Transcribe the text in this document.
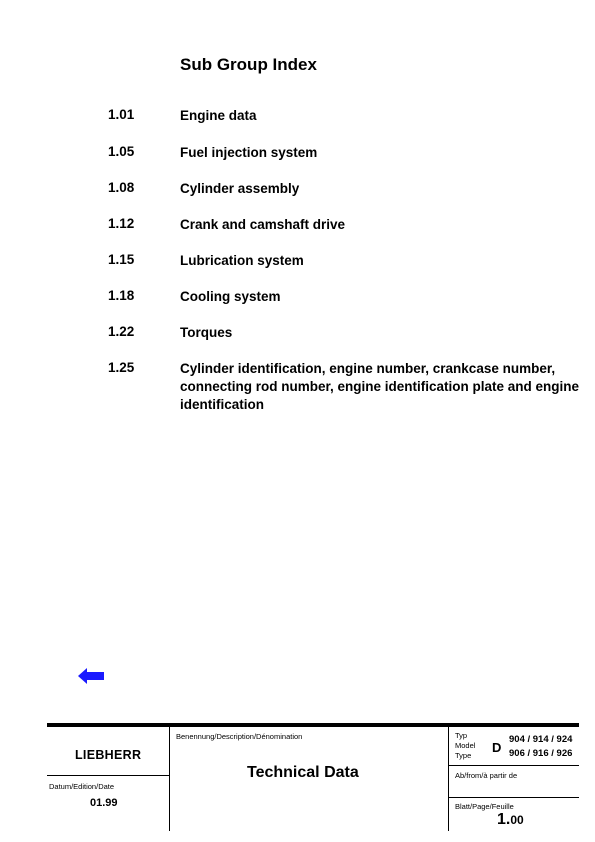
Sub Group Index
1.01	Engine data
1.05	Fuel injection system
1.08	Cylinder assembly
1.12	Crank and camshaft drive
1.15	Lubrication system
1.18	Cooling system
1.22	Torques
1.25	Cylinder identification, engine number, crankcase number, connecting rod number, engine identification plate and engine identification
LIEBHERR
Datum/Edition/Date
01.99
Benennung/Description/Dénomination
Technical Data
Typ
Model
Type
D
904 / 914 / 924
906 / 916 / 926
Ab/from/à partir de
Blatt/Page/Feuille
1.00
